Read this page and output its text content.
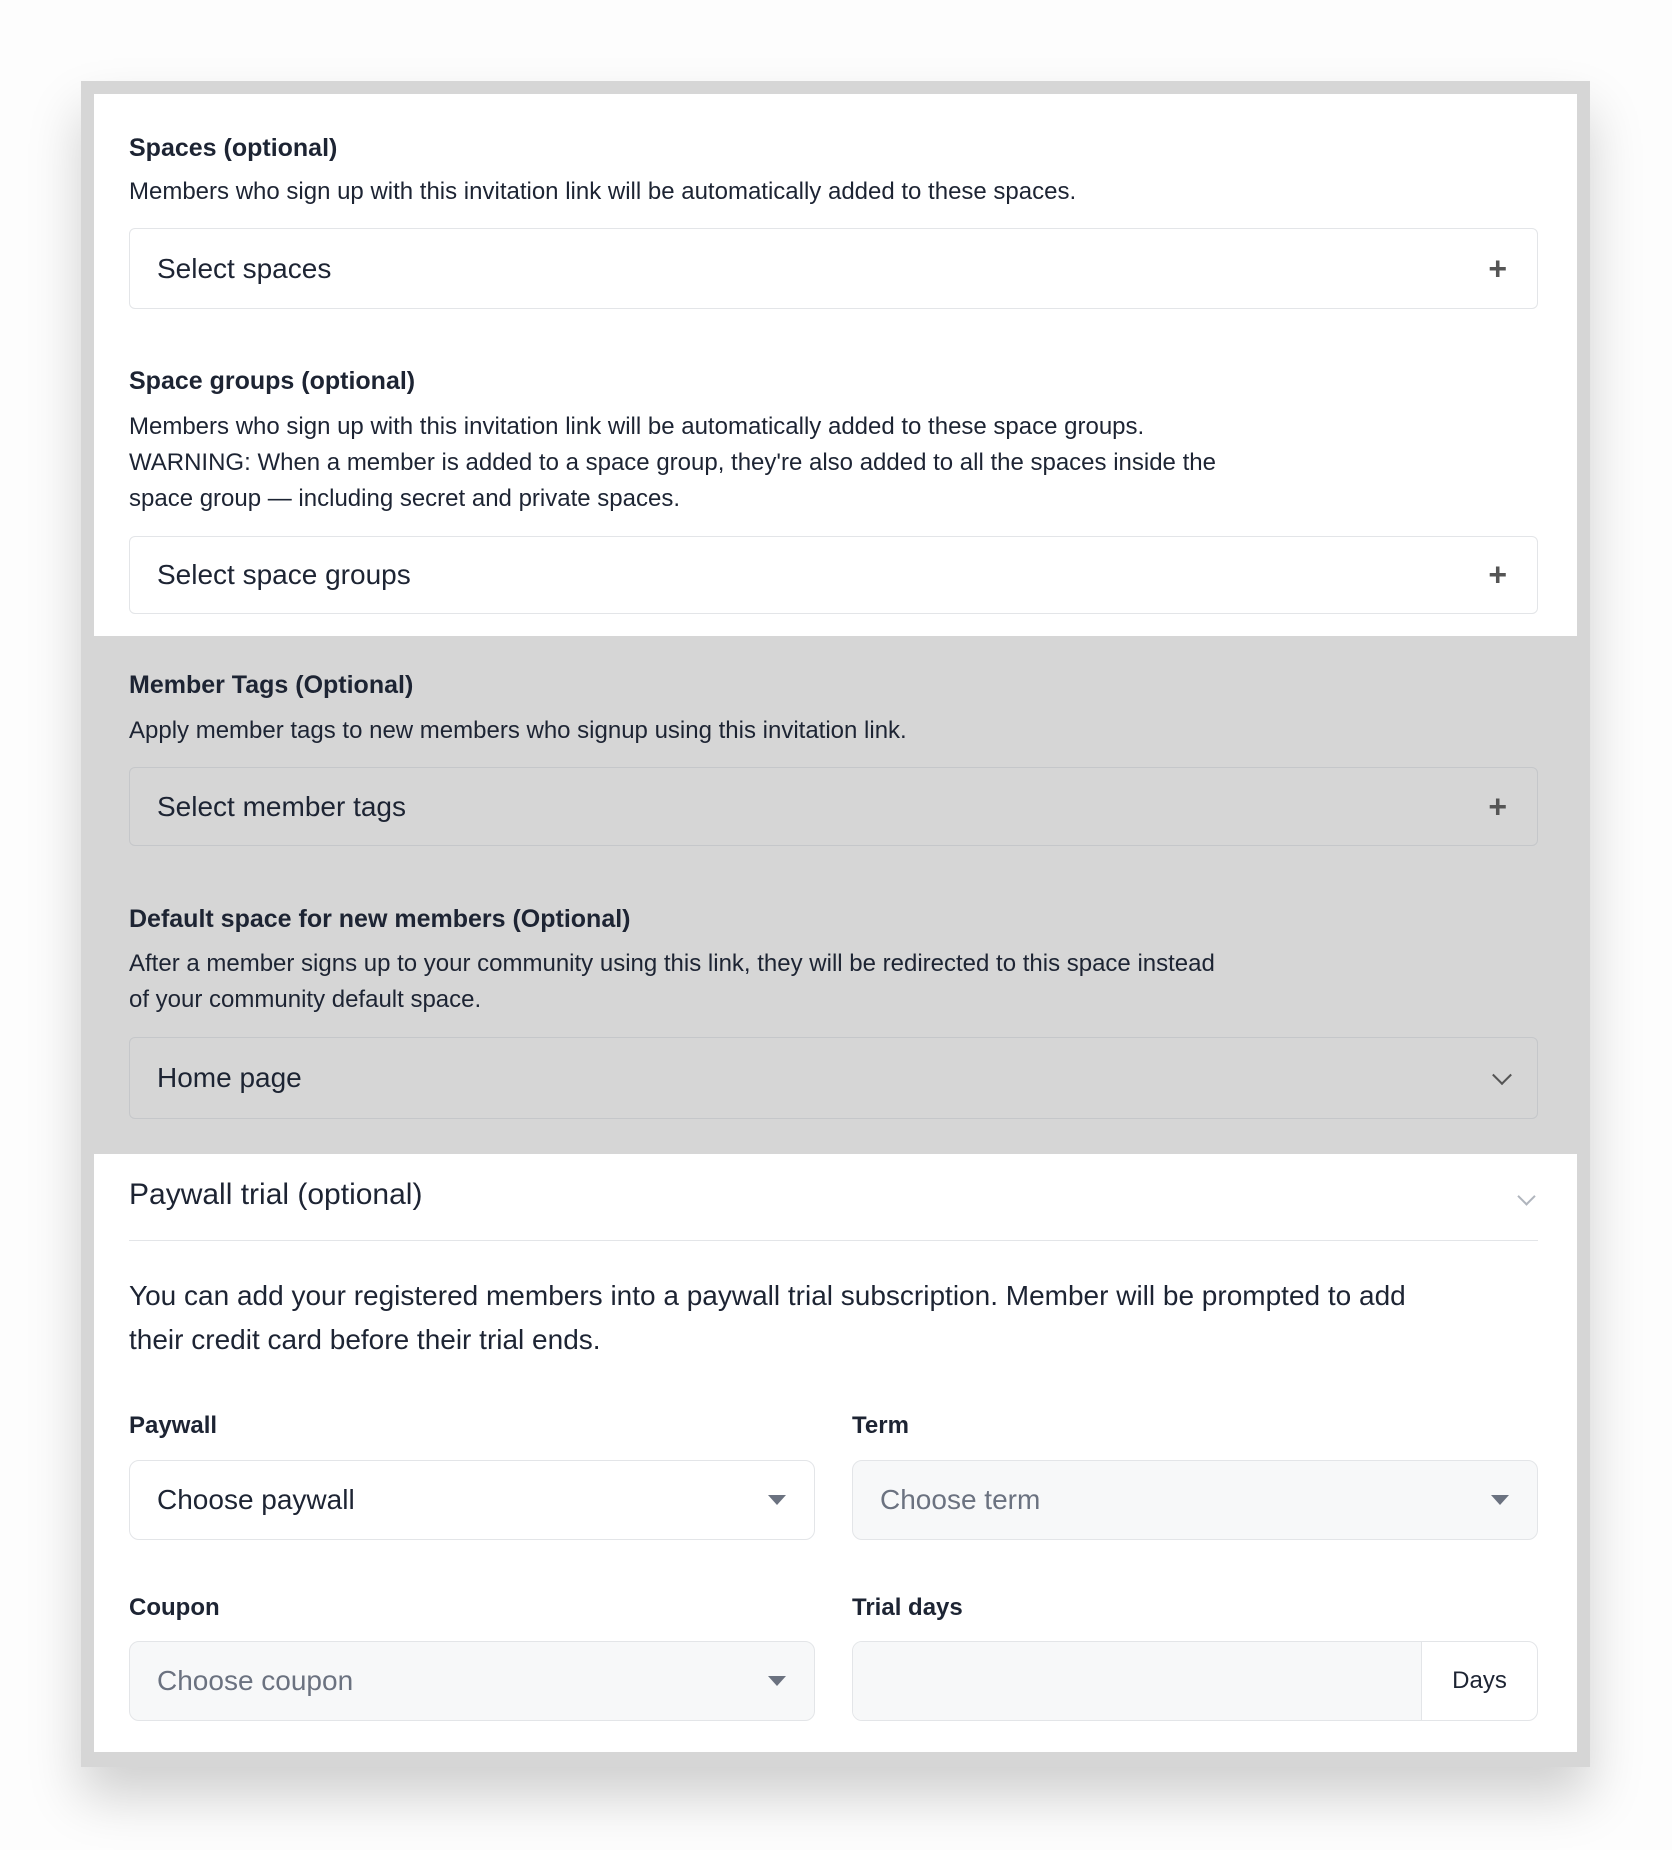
Spaces (optional)
Members who sign up with this invitation link will be automatically added to these spaces.
Select spaces	+
Space groups (optional)
Members who sign up with this invitation link will be automatically added to these space groups.
WARNING: When a member is added to a space group, they're also added to all the spaces inside the
space group — including secret and private spaces.
Select space groups	+
Member Tags (Optional)
Apply member tags to new members who signup using this invitation link.
Select member tags	+
Default space for new members (Optional)
After a member signs up to your community using this link, they will be redirected to this space instead
of your community default space.
Home page
Paywall trial (optional)
You can add your registered members into a paywall trial subscription. Member will be prompted to add
their credit card before their trial ends.
Paywall
Choose paywall
Term
Choose term
Coupon
Choose coupon
Trial days
Days
